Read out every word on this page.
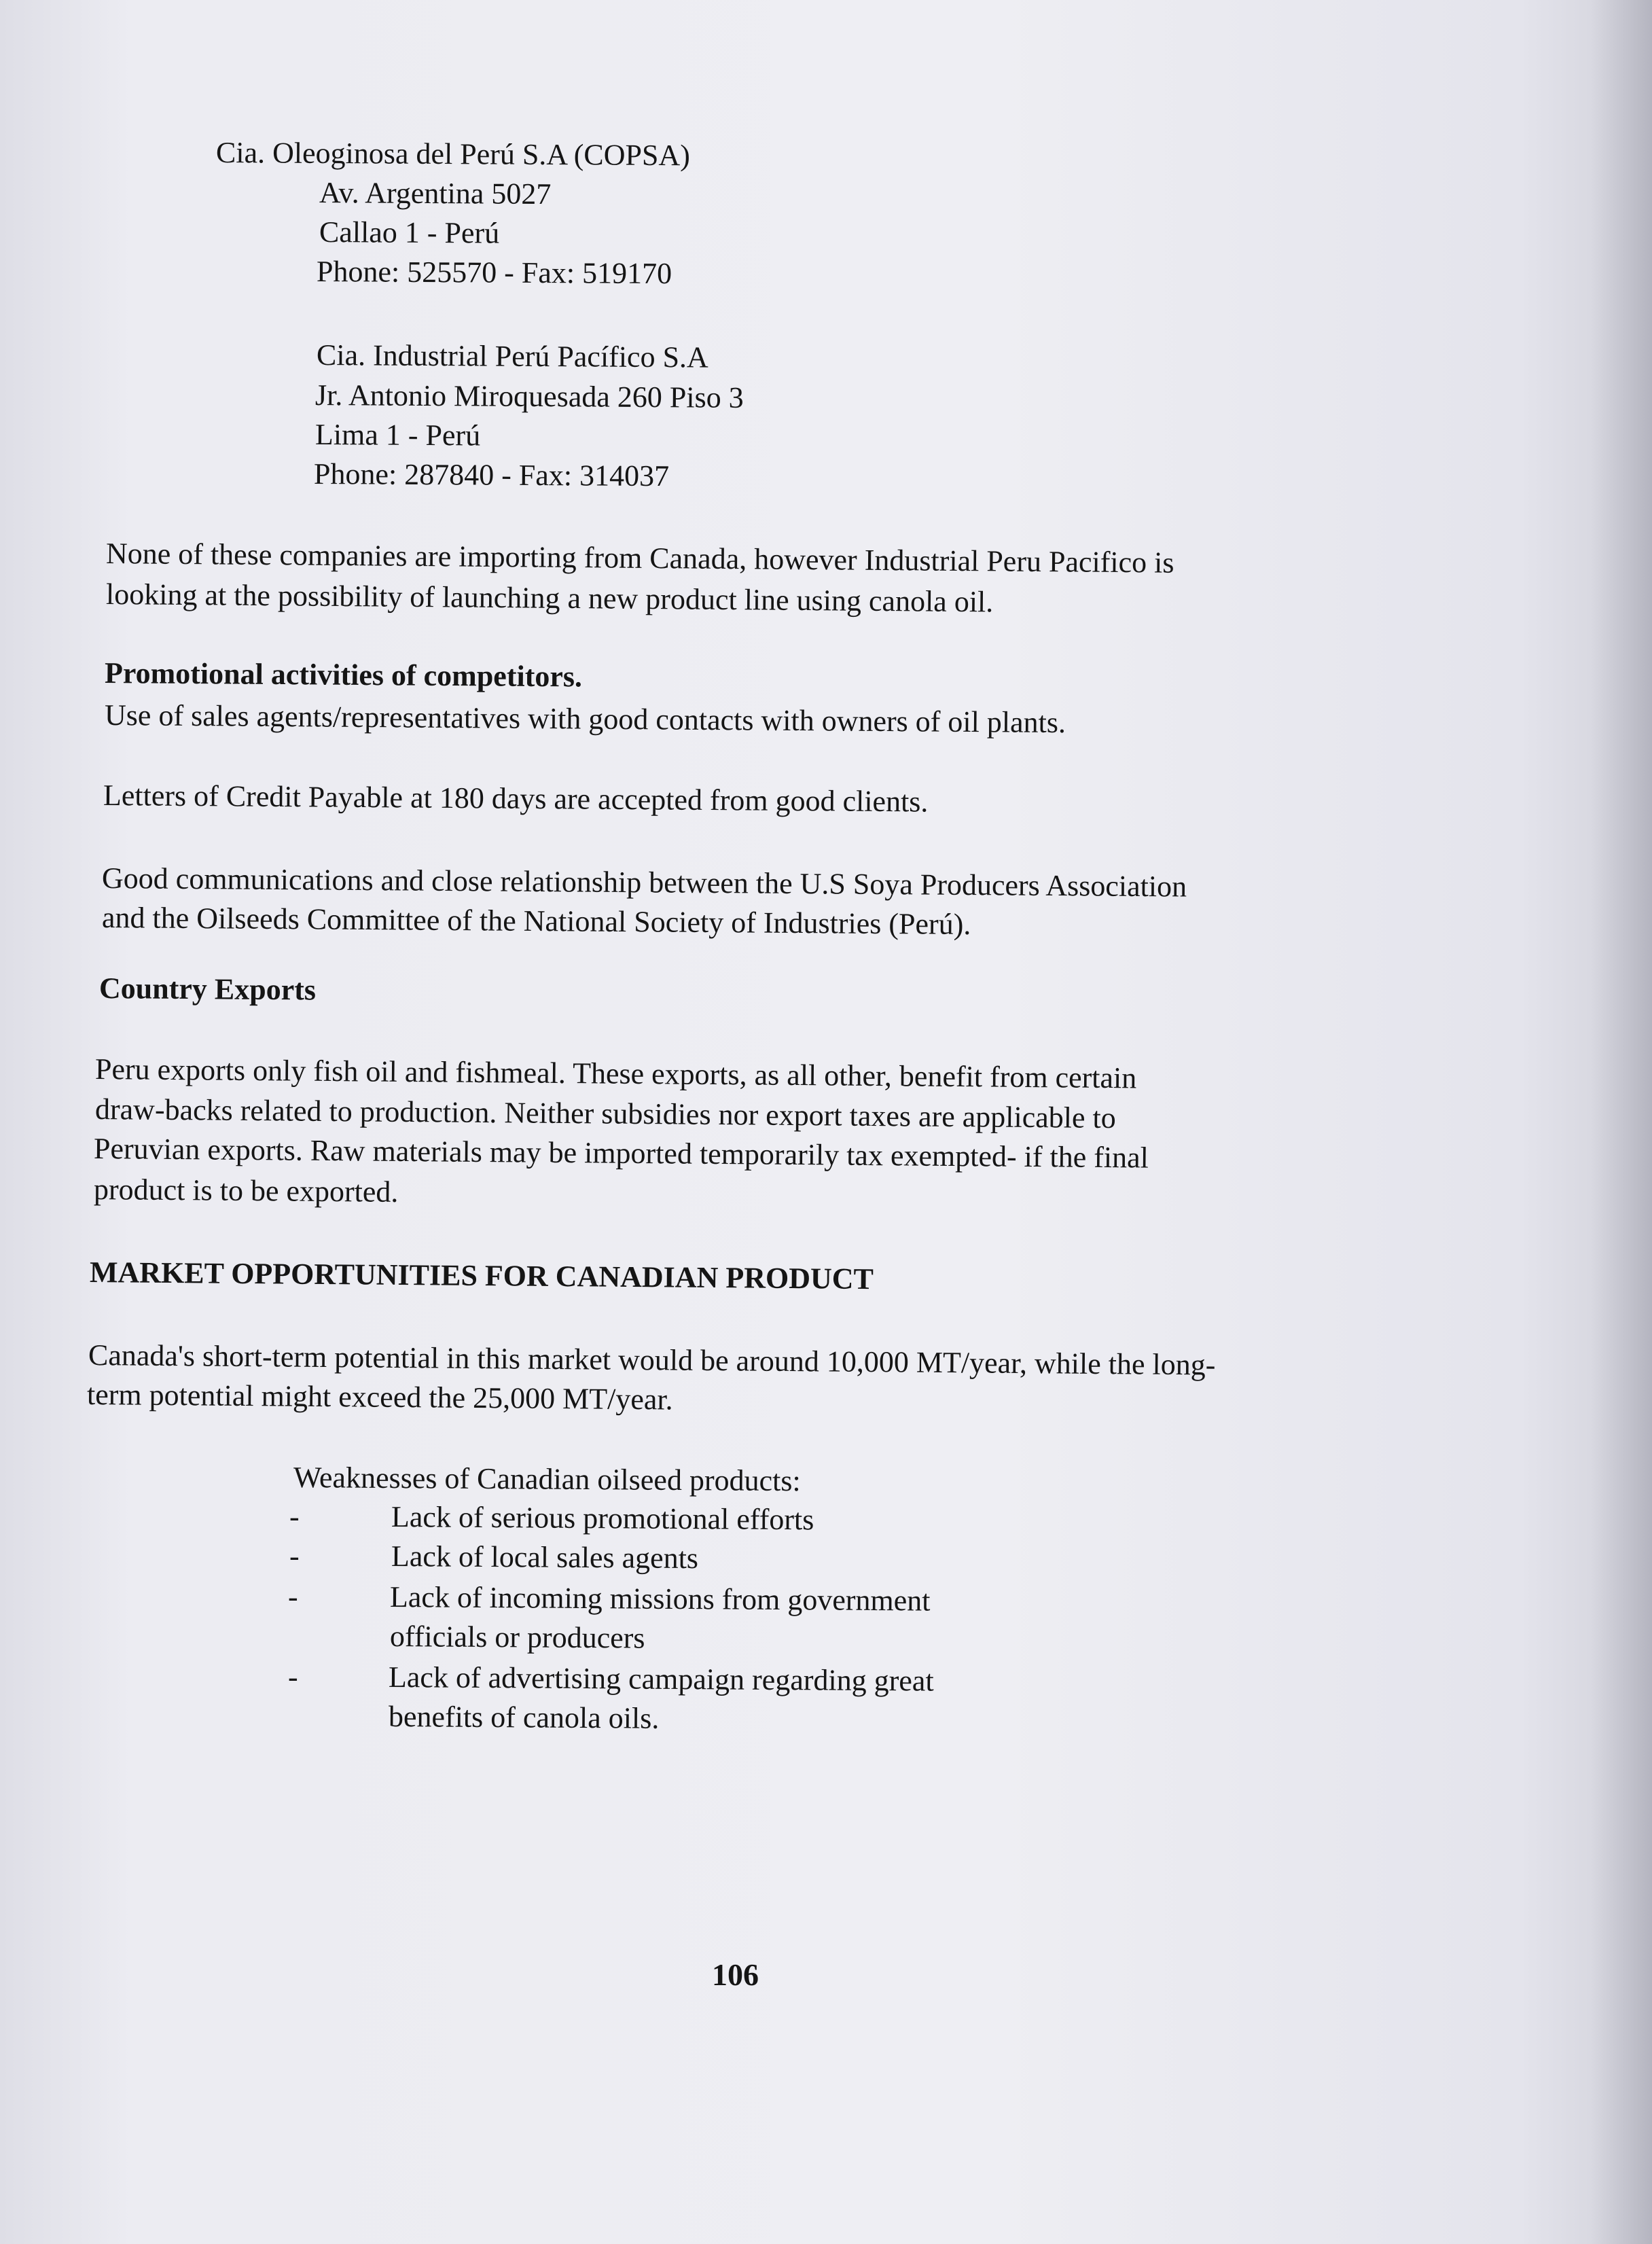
Cia. Oleoginosa del Perú S.A (COPSA)
Av. Argentina 5027
Callao 1 - Perú
Phone: 525570 - Fax: 519170
Cia. Industrial Perú Pacífico S.A
Jr. Antonio Miroquesada 260 Piso 3
Lima 1 - Perú
Phone: 287840 - Fax: 314037
None of these companies are importing from Canada, however Industrial Peru Pacifico is
looking at the possibility of launching a new product line using canola oil.
Promotional activities of competitors.
Use of sales agents/representatives with good contacts with owners of oil plants.
Letters of Credit Payable at 180 days are accepted from good clients.
Good communications and close relationship between the U.S Soya Producers Association
and the Oilseeds Committee of the National Society of Industries (Perú).
Country Exports
Peru exports only fish oil and fishmeal. These exports, as all other, benefit from certain
draw-backs related to production. Neither subsidies nor export taxes are applicable to
Peruvian exports. Raw materials may be imported temporarily tax exempted- if the final
product is to be exported.
MARKET OPPORTUNITIES FOR CANADIAN PRODUCT
Canada's short-term potential in this market would be around 10,000 MT/year, while the long-
term potential might exceed the 25,000 MT/year.
Weaknesses of Canadian oilseed products:
-	Lack of serious promotional efforts
-	Lack of local sales agents
-	Lack of incoming missions from government
officials or producers
-	Lack of advertising campaign regarding great
benefits of canola oils.
106
